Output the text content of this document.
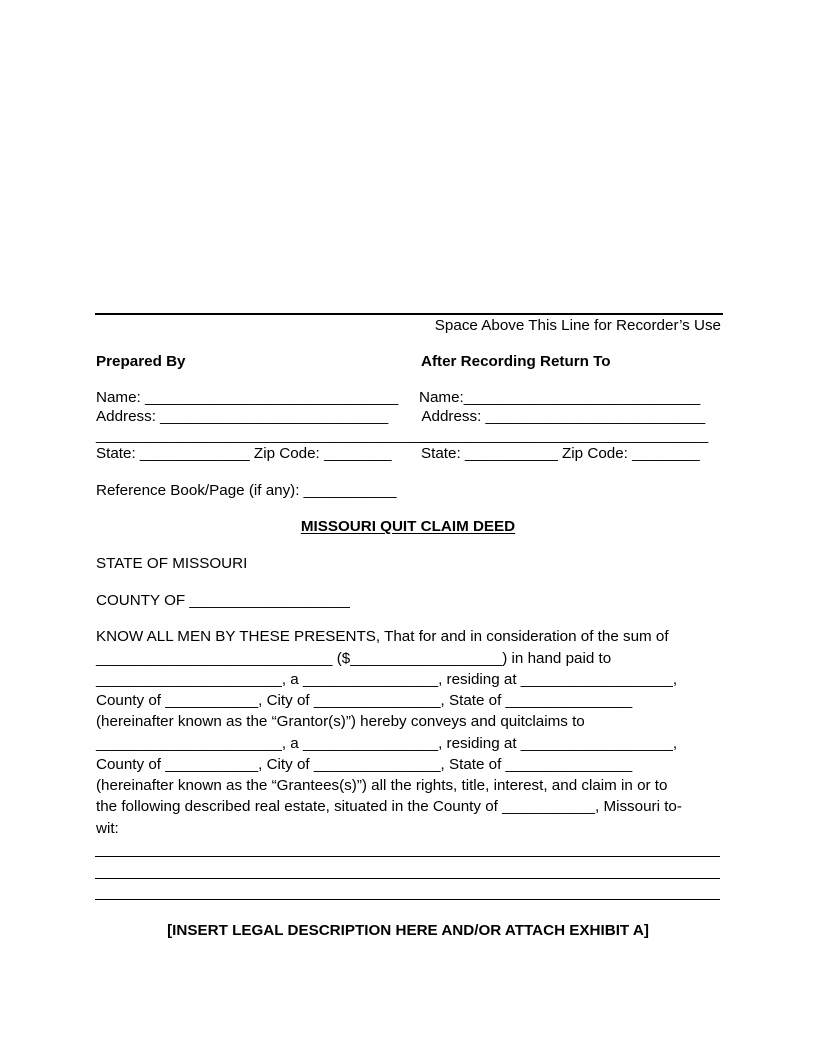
Space Above This Line for Recorder’s Use
Prepared By
Name: ______________________________
Address: ___________________________
_________________________________________
State: _____________ Zip Code: ________
After Recording Return To
Name:____________________________
Address: __________________________
__________________________________
State: ___________ Zip Code: ________
Reference Book/Page (if any): ___________
MISSOURI QUIT CLAIM DEED
STATE OF MISSOURI
COUNTY OF ___________________
KNOW ALL MEN BY THESE PRESENTS, That for and in consideration of the sum of
____________________________ ($__________________) in hand paid to
______________________, a ________________, residing at __________________,
County of ___________, City of _______________, State of _______________
(hereinafter known as the “Grantor(s)”) hereby conveys and quitclaims to
______________________, a ________________, residing at __________________,
County of ___________, City of _______________, State of _______________
(hereinafter known as the “Grantees(s)”) all the rights, title, interest, and claim in or to
the following described real estate, situated in the County of ___________, Missouri to-
wit:
[INSERT LEGAL DESCRIPTION HERE AND/OR ATTACH EXHIBIT A]
